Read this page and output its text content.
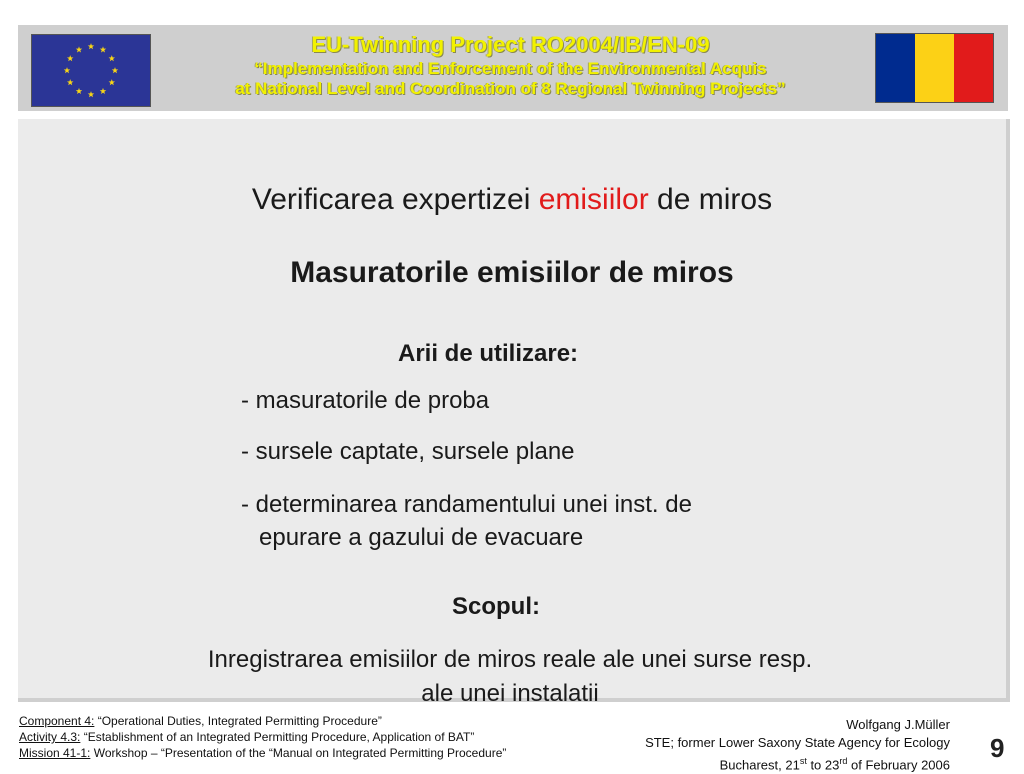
EU-Twinning Project RO2004/IB/EN-09
“Implementation and Enforcement of the Environmental Acquis
at National Level and Coordination of 8 Regional Twinning Projects”
Verificarea expertizei emisiilor de miros
Masuratorile emisiilor de miros
Arii de utilizare:
- masuratorile de proba
- sursele captate, sursele plane
- determinarea randamentului unei inst. de
epurare a gazului de evacuare
Scopul:
Inregistrarea emisiilor de miros reale ale unei surse resp.
ale unei instalatii
Component 4: “Operational Duties, Integrated Permitting Procedure”
Activity 4.3: “Establishment of an Integrated Permitting Procedure, Application of BAT”
Mission 41-1: Workshop – “Presentation of the “Manual on Integrated Permitting Procedure”
Wolfgang J.Müller
STE; former Lower Saxony State Agency for Ecology
Bucharest, 21st to 23rd of February 2006
9
